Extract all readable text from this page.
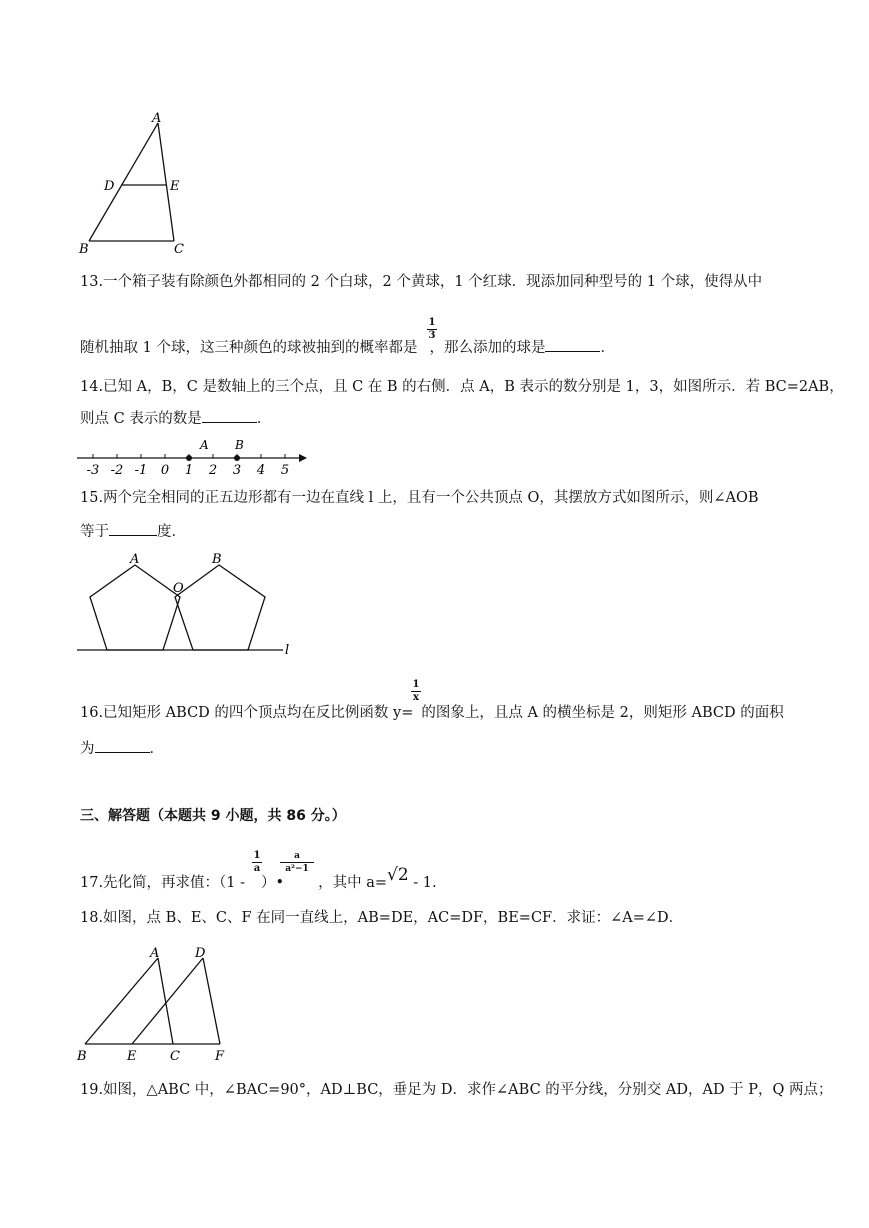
A
D	E
B	C
13.一个箱子装有除颜色外都相同的 2 个白球，2 个黄球，1 个红球．现添加同种型号的 1 个球，使得从中
1
3
随机抽取 1 个球，这三种颜色的球被抽到的概率都是 ，那么添加的球是	．
14.已知 A，B，C 是数轴上的三个点，且 C 在 B 的右侧．点 A，B 表示的数分别是 1，3，如图所示．若 BC=2AB，
则点 C 表示的数是	．
A B
-3 -2 -1 0 1 2 3 4 5
15.两个完全相同的正五边形都有一边在直线 l 上，且有一个公共顶点 O，其摆放方式如图所示，则∠AOB
等于	度．
A
O
B
l
1
x
16.已知矩形 ABCD 的四个顶点均在反比例函数 y= 的图象上，且点 A 的横坐标是 2，则矩形 ABCD 的面积
为	．
三、解答题（本题共 9 小题，共 86 分。）
1
a
a
a²−1
17.先化简，再求值：（1 - ）• ，其中 a=√2 - 1.
18.如图，点 B、E、C、F 在同一直线上，AB=DE，AC=DF，BE=CF．求证：∠A=∠D．
A	D
B	E	C	F
19.如图，△ABC 中，∠BAC=90°，AD⊥BC，垂足为 D．求作∠ABC 的平分线，分别交 AD，AD 于 P，Q 两点；
